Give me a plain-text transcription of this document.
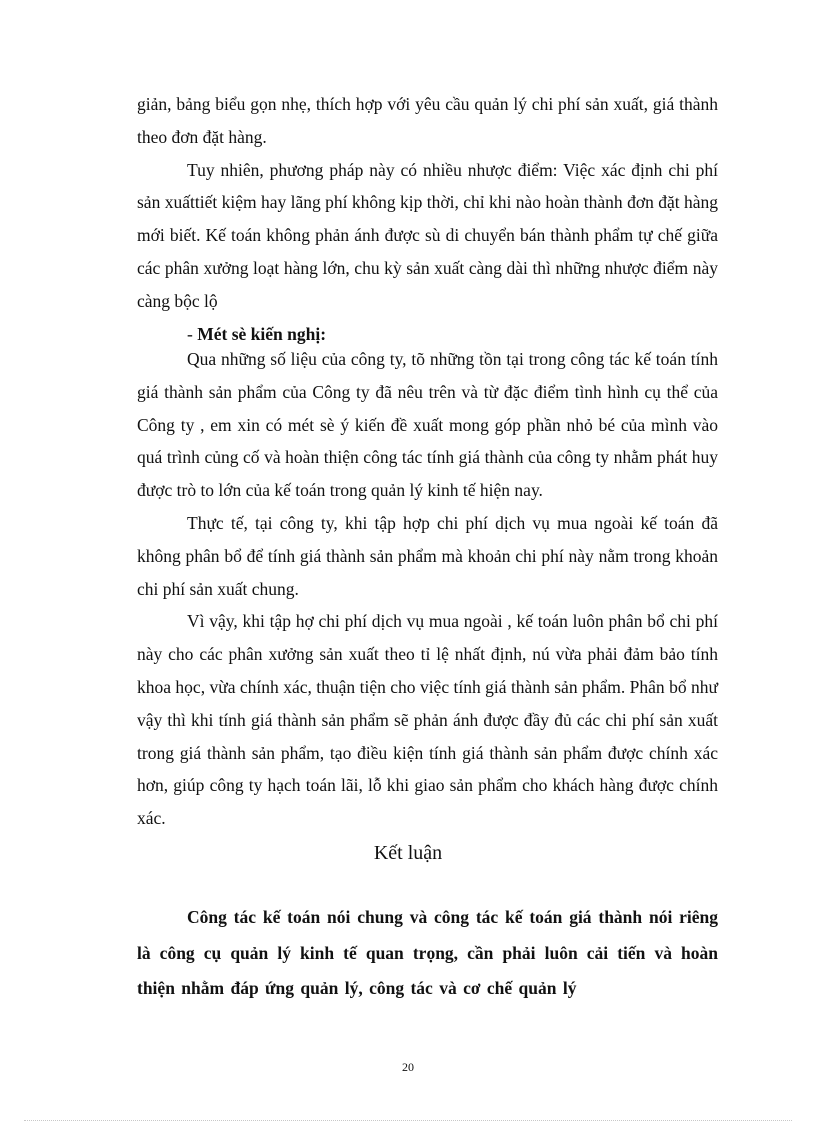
giản, bảng biểu gọn nhẹ, thích hợp với yêu cầu quản lý chi phí sản xuất, giá thành theo đơn đặt hàng.

Tuy nhiên, phương pháp này có nhiều nhược điểm: Việc xác định chi phí sản xuấttiết kiệm hay lãng phí không kịp thời, chỉ khi nào hoàn thành đơn đặt hàng mới biết. Kế toán không phản ánh được sù di chuyển bán thành phẩm tự chế giữa các phân xưởng loạt hàng lớn, chu kỳ sản xuất càng dài thì những nhược điểm này càng bộc lộ

- Mét sè kiến nghị:

Qua những số liệu của công ty, tõ những tồn tại trong công tác kế toán tính giá thành sản phẩm của Công ty đã nêu trên và từ đặc điểm tình hình cụ thể của Công ty , em xin có mét sè ý kiến đề xuất mong góp phần nhỏ bé của mình vào quá trình củng cố và hoàn thiện công tác tính giá thành của công ty nhằm phát huy được trò to lớn của kế toán trong quản lý kinh tế hiện nay.

Thực tế, tại công ty, khi tập hợp chi phí dịch vụ mua ngoài kế toán đã không phân bổ để tính giá thành sản phẩm mà khoản chi phí này nằm trong khoản chi phí sản xuất chung.

Vì vậy, khi tập hợ chi phí dịch vụ mua ngoài , kế toán luôn phân bổ chi phí này cho các phân xưởng sản xuất theo tỉ lệ nhất định, nú vừa phải đảm bảo tính khoa học, vừa chính xác, thuận tiện cho việc tính giá thành sản phẩm. Phân bổ như vậy thì khi tính giá thành sản phẩm sẽ phản ánh được đầy đủ các chi phí sản xuất trong giá thành sản phẩm, tạo điều kiện tính giá thành sản phẩm được chính xác hơn, giúp công ty hạch toán lãi, lỗ khi giao sản phẩm cho khách hàng được chính xác.

Kết luận

Công tác kế toán nói chung và công tác kế toán giá thành nói riêng là công cụ quản lý kinh tế quan trọng, cần phải luôn cải tiến và hoàn thiện nhằm đáp ứng quản lý, công tác và cơ chế quản lý

20
